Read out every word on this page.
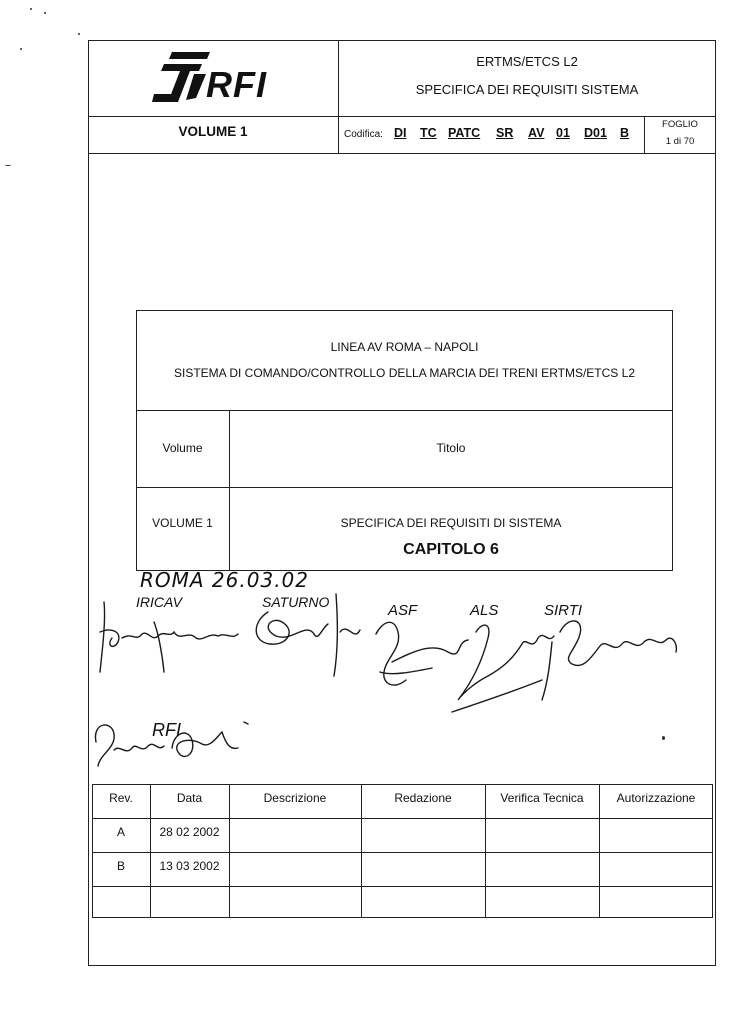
RFI
ERTMS/ETCS L2
SPECIFICA DEI REQUISITI SISTEMA
VOLUME 1	Codifica: DI TC PATC SR AV 01 D01 B
FOGLIO
1 di 70
LINEA AV ROMA – NAPOLI
SISTEMA DI COMANDO/CONTROLLO DELLA MARCIA DEI TRENI ERTMS/ETCS L2
Volume	Titolo
VOLUME 1	SPECIFICA DEI REQUISITI DI SISTEMA
CAPITOLO 6
ROMA 26.03.02
IRICAV	SATURNO	ASF	ALS	SIRTI
RFI
Rev.	Data	Descrizione	Redazione	Verifica Tecnica	Autorizzazione
A	28 02 2002
B	13 03 2002
